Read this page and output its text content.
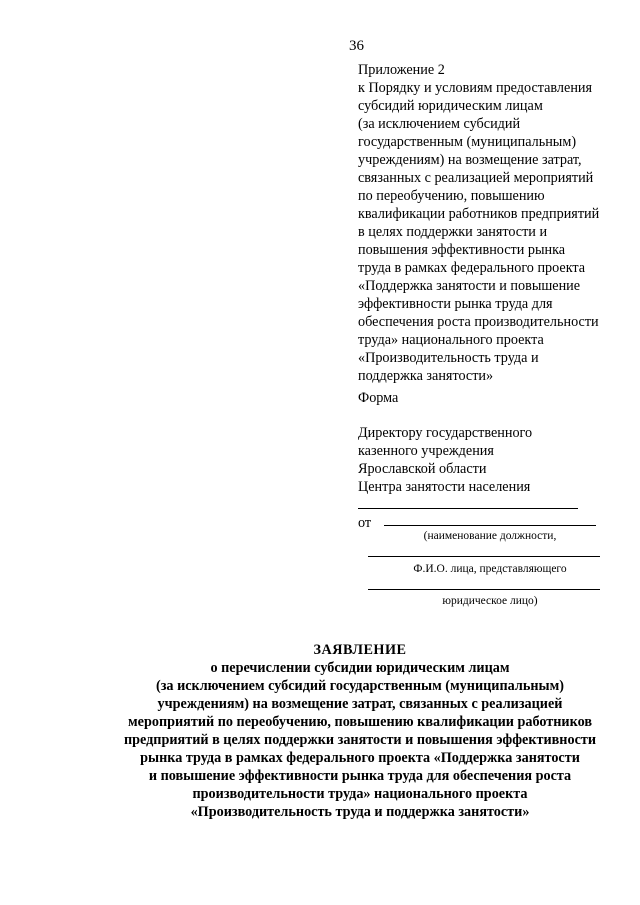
36
Приложение 2
к Порядку и условиям предоставления
субсидий юридическим лицам
(за исключением субсидий
государственным (муниципальным)
учреждениям) на возмещение затрат,
связанных с реализацией мероприятий
по переобучению, повышению
квалификации работников предприятий
в целях поддержки занятости и
повышения эффективности рынка
труда в рамках федерального проекта
«Поддержка занятости и повышение
эффективности рынка труда для
обеспечения роста производительности
труда» национального проекта
«Производительность труда и
поддержка занятости»
Форма
Директору государственного
казенного учреждения
Ярославской области
Центра занятости населения
от
(наименование должности,
Ф.И.О. лица, представляющего
юридическое лицо)
ЗАЯВЛЕНИЕ
о перечислении субсидии юридическим лицам
(за исключением субсидий государственным (муниципальным)
учреждениям) на возмещение затрат, связанных с реализацией
мероприятий по переобучению, повышению квалификации работников
предприятий в целях поддержки занятости и повышения эффективности
рынка труда в рамках федерального проекта «Поддержка занятости
и повышение эффективности рынка труда для обеспечения роста
производительности труда» национального проекта
«Производительность труда и поддержка занятости»
